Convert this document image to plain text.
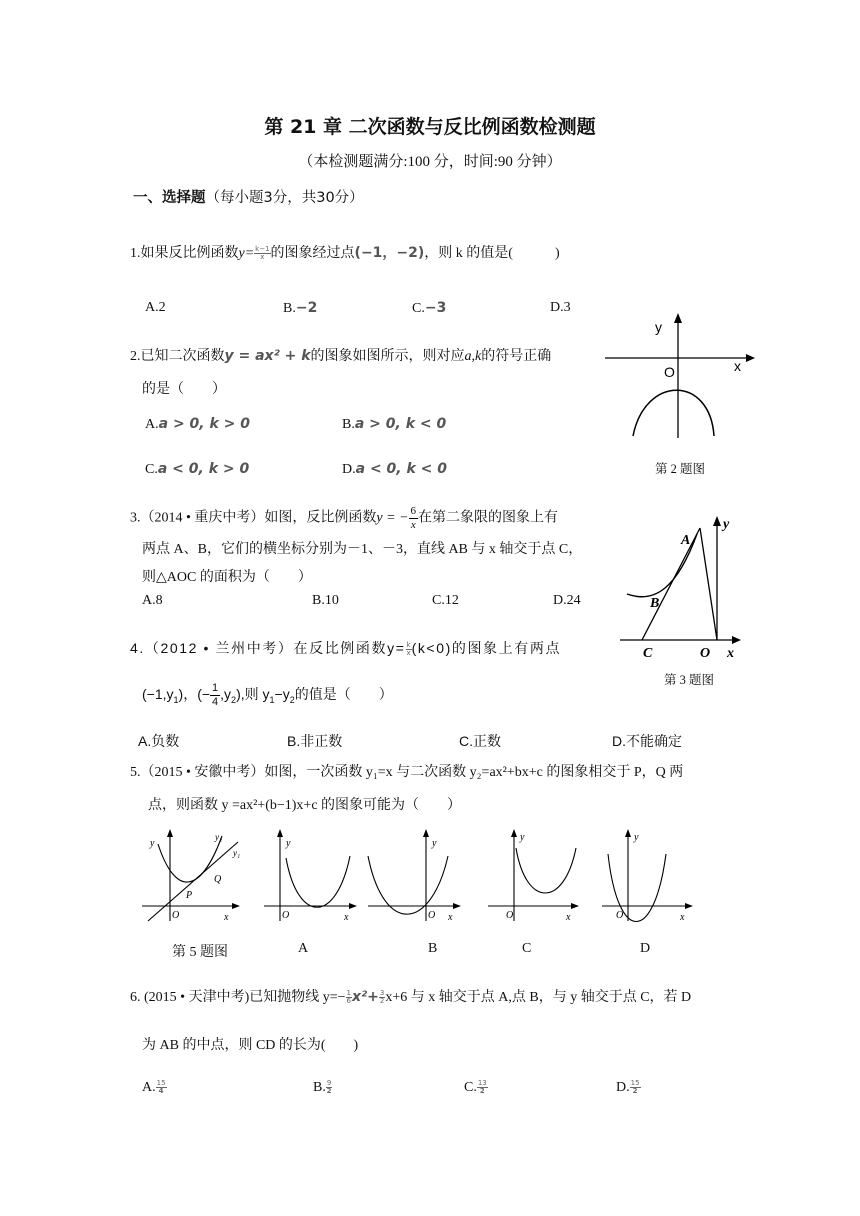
第 21 章 二次函数与反比例函数检测题
（本检测题满分:100 分，时间:90 分钟）
一、选择题（每小题3分，共30分）
1.如果反比例函数$y= \frac{k-1}{x}$的图象经过点(−1，−2)，则 k 的值是(　　　)
A.2	B.−2	C.−3	D.3
2.已知二次函数y = ax² + k的图象如图所示，则对应a,k的符号正确
的是（　　）
A.a > 0, k > 0	B.a > 0, k < 0
C.a < 0, k > 0	D.a < 0, k < 0
y
x
O
第 2 题图
3.（2014 • 重庆中考）如图，反比例函数y = − $\frac{6}{x}$在第二象限的图象上有
两点 A、B，它们的横坐标分别为－1、－3，直线 AB 与 x 轴交于点 C，
则△AOC 的面积为（　　）
A.8	B.10	C.12	D.24
A
B
C	O x
y
第 3 题图
4.（2012 • 兰州中考）在反比例函数$y= \frac{k}{x}(k<0)$的图象上有两点
$(-1,y_1)$，(− $\frac{1}{4},y_2$),则 $y_1-y_2$的值是（　　）
A.负数	B.非正数	C.正数	D.不能确定
5.（2015 • 安徽中考）如图，一次函数 y₁=x 与二次函数 y₂=ax²+bx+c 的图象相交于 P，Q 两
点，则函数 y =ax²+(b−1)x+c 的图象可能为（　　）
y
x
O
P
Q
y₂
y₁
y
x
O
y
x
O
y
x
O
y
x
O
第 5 题图	A	B	C	D
6. (2015 • 天津中考)已知抛物线 $y=- \frac{1}{6}x^2+ \frac{3}{2}x+6$ 与 x 轴交于点 A,点 B，与 y 轴交于点 C，若 D
为 AB 的中点，则 CD 的长为(　　)
A. $\frac{15}{4}$	B. $\frac{9}{2}$	C. $\frac{13}{2}$	D. $\frac{15}{2}$
